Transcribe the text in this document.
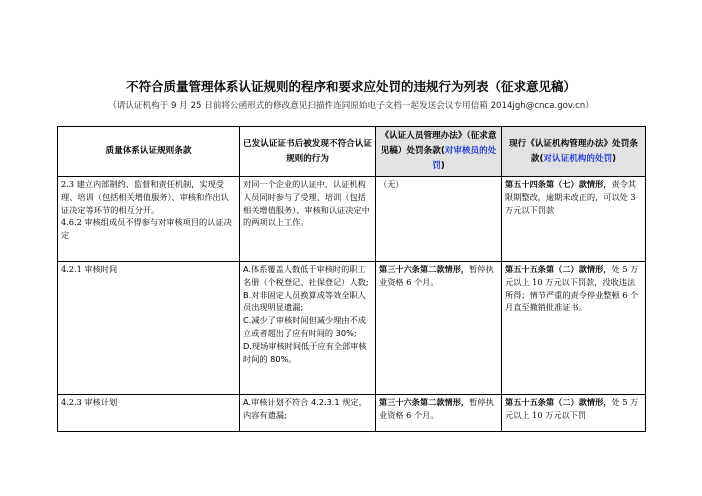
不符合质量管理体系认证规则的程序和要求应处罚的违规行为列表（征求意见稿）
（请认证机构于 9 月 25 日前将公函形式的修改意见扫描件连同原始电子文档一起发送会议专用信箱 2014jgh@cnca.gov.cn）
质量体系认证规则条款	已发认证证书后被发现不符合认证规则的行为	《认证人员管理办法》（征求意见稿）处罚条款(对审核员的处罚)	现行《认证机构管理办法》处罚条款(对认证机构的处罚)

2.3 建立内部制约、监督和责任机制，实现受理、培训（包括相关增值服务）、审核和作出认证决定等环节的相互分开。
4.6.2 审核组成员不得参与对审核项目的认证决定	对同一个企业的认证中，认证机构人员同时参与了受理、培训（包括相关增值服务）、审核和认证决定中的两项以上工作。	（无）	第五十四条第（七）款情形，责令其限期整改，逾期未改正的，可以处 3 万元以下罚款

4.2.1 审核时间	A.体系覆盖人数低于审核时的职工名册（个税登记、社保登记）人数;
B.对非固定人员换算成等效全职人员出现明显遗漏;
C.减少了审核时间但减少理由不成立或者超出了应有时间的 30%;
D.现场审核时间低于应有全部审核时间的 80%。	第三十六条第二款情形，暂停执业资格 6 个月。	第五十五条第（二）款情形，处 5 万元以上 10 万元以下罚款，没收违法所得；情节严重的责令停业整顿 6 个月直至撤销批准证书。

4.2.3 审核计划	A.审核计划不符合 4.2.3.1 规定，内容有遗漏;	第三十六条第二款情形，暂停执业资格 6 个月。	第五十五条第（二）款情形，处 5 万元以上 10 万元以下罚
